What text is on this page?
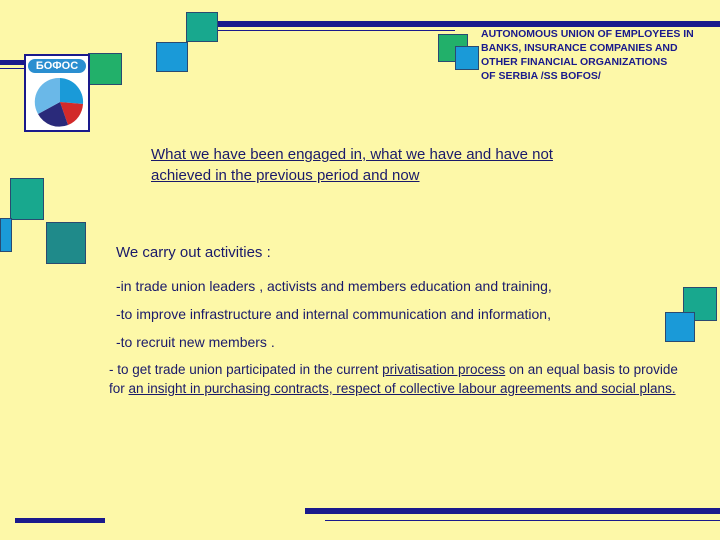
БОФОС
AUTONOMOUS UNION OF EMPLOYEES IN
BANKS, INSURANCE COMPANIES AND
OTHER FINANCIAL ORGANIZATIONS
OF SERBIA /SS BOFOS/
What we have been engaged in, what we have and have not
achieved in the previous period and now
We carry out activities :
-in trade union leaders , activists and members education and training,
-to improve infrastructure and internal communication and information,
-to recruit new members .
- to get trade union participated in the current privatisation process on an equal basis to provide for an insight in purchasing contracts, respect of collective labour agreements and social plans.
